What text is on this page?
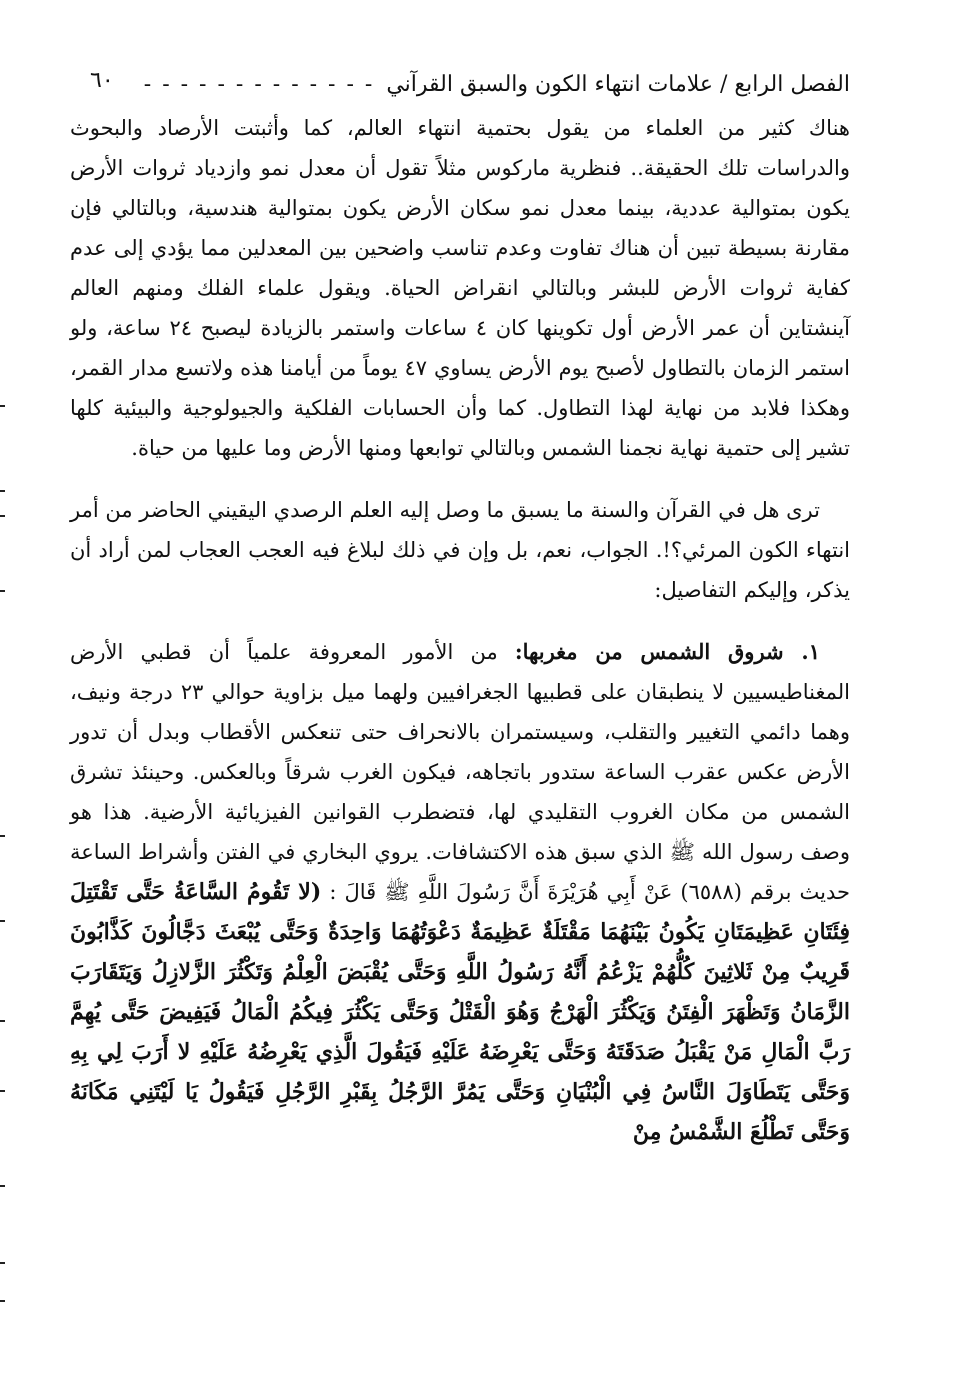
الفصل الرابع / علامات انتهاء الكون والسبق القرآني
- - - - - - - - - - - - -
٦٠

هناك كثير من العلماء من يقول بحتمية انتهاء العالم، كما وأثبتت الأرصاد والبحوث والدراسات تلك الحقيقة.. فنظرية ماركوس مثلاً تقول أن معدل نمو وازدياد ثروات الأرض يكون بمتوالية عددية، بينما معدل نمو سكان الأرض يكون بمتوالية هندسية، وبالتالي فإن مقارنة بسيطة تبين أن هناك تفاوت وعدم تناسب واضحين بين المعدلين مما يؤدي إلى عدم كفاية ثروات الأرض للبشر وبالتالي انقراض الحياة. ويقول علماء الفلك ومنهم العالم آينشتاين أن عمر الأرض أول تكوينها كان ٤ ساعات واستمر بالزيادة ليصبح ٢٤ ساعة، ولو استمر الزمان بالتطاول لأصبح يوم الأرض يساوي ٤٧ يوماً من أيامنا هذه ولاتسع مدار القمر، وهكذا فلابد من نهاية لهذا التطاول. كما وأن الحسابات الفلكية والجيولوجية والبيئية كلها تشير إلى حتمية نهاية نجمنا الشمس وبالتالي توابعها ومنها الأرض وما عليها من حياة.

ترى هل في القرآن والسنة ما يسبق ما وصل إليه العلم الرصدي اليقيني الحاضر من أمر انتهاء الكون المرئي؟!. الجواب، نعم، بل وإن في ذلك لبلاغ فيه العجب العجاب لمن أراد أن يذكر، وإليكم التفاصيل:

١. شروق الشمس من مغربها: من الأمور المعروفة علمياً أن قطبي الأرض المغناطيسيين لا ينطبقان على قطبيها الجغرافيين ولهما ميل بزاوية حوالي ٢٣ درجة ونيف، وهما دائمي التغيير والتقلب، وسيستمران بالانحراف حتى تنعكس الأقطاب وبدل أن تدور الأرض عكس عقرب الساعة ستدور باتجاهه، فيكون الغرب شرقاً وبالعكس. وحينئذ تشرق الشمس من مكان الغروب التقليدي لها، فتضطرب القوانين الفيزيائية الأرضية. هذا هو وصف رسول الله ﷺ الذي سبق هذه الاكتشافات. يروي البخاري في الفتن وأشراط الساعة حديث برقم (٦٥٨٨) عَنْ أَبِي هُرَيْرَةَ أَنَّ رَسُولَ اللَّهِ ﷺ قَالَ : (لا تَقُومُ السَّاعَةُ حَتَّى تَقْتَتِلَ فِئَتَانِ عَظِيمَتَانِ يَكُونُ بَيْنَهُمَا مَقْتَلَةٌ عَظِيمَةٌ دَعْوَتُهُمَا وَاحِدَةٌ وَحَتَّى يُبْعَثَ دَجَّالُونَ كَذَّابُونَ قَرِيبٌ مِنْ ثَلاثِينَ كُلُّهُمْ يَزْعُمُ أَنَّهُ رَسُولُ اللَّهِ وَحَتَّى يُقْبَضَ الْعِلْمُ وَتَكْثُرَ الزَّلازِلُ وَيَتَقَارَبَ الزَّمَانُ وَتَظْهَرَ الْفِتَنُ وَيَكْثُرَ الْهَرْجُ وَهُوَ الْقَتْلُ وَحَتَّى يَكْثُرَ فِيكُمُ الْمَالُ فَيَفِيضَ حَتَّى يُهِمَّ رَبَّ الْمَالِ مَنْ يَقْبَلُ صَدَقَتَهُ وَحَتَّى يَعْرِضَهُ عَلَيْهِ فَيَقُولَ الَّذِي يَعْرِضُهُ عَلَيْهِ لا أَرَبَ لِي بِهِ وَحَتَّى يَتَطَاوَلَ النَّاسُ فِي الْبُنْيَانِ وَحَتَّى يَمُرَّ الرَّجُلُ بِقَبْرِ الرَّجُلِ فَيَقُولُ يَا لَيْتَنِي مَكَانَهُ وَحَتَّى تَطْلُعَ الشَّمْسُ مِنْ
